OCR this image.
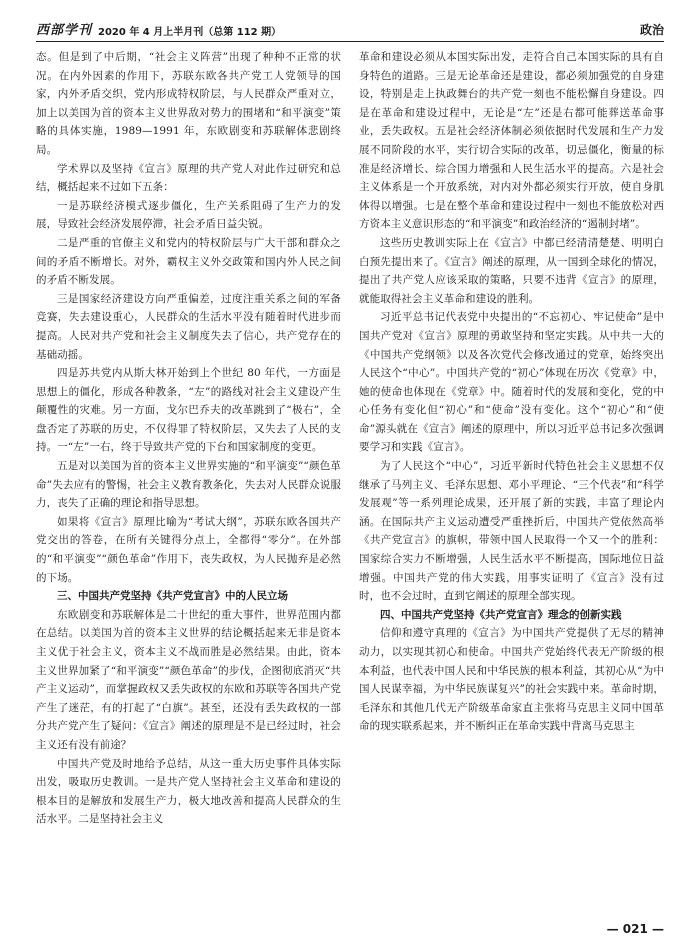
西部学刊 2020 年 4 月上半月刊（总第 112 期）	政治

态。但是到了中后期，“社会主义阵营”出现了种种不正常的状况。在内外因素的作用下，苏联东欧各共产党工人党领导的国家，内外矛盾交织，党内形成特权阶层，与人民群众严重对立，加上以美国为首的资本主义世界敌对势力的围堵和“和平演变”策略的具体实施，1989—1991 年，东欧剧变和苏联解体悲剧终局。

学术界以及坚持《宣言》原理的共产党人对此作过研究和总结，概括起来不过如下五条：

一是苏联经济模式逐步僵化，生产关系阻碍了生产力的发展，导致社会经济发展停滞，社会矛盾日益尖锐。

二是严重的官僚主义和党内的特权阶层与广大干部和群众之间的矛盾不断增长。对外，霸权主义外交政策和国内外人民之间的矛盾不断发展。

三是国家经济建设方向严重偏差，过度注重关系之间的军备竞赛，失去建设重心，人民群众的生活水平没有随着时代进步而提高。人民对共产党和社会主义制度失去了信心，共产党存在的基础动摇。

四是苏共党内从斯大林开始到上个世纪 80 年代，一方面是思想上的僵化，形成各种教条，“左”的路线对社会主义建设产生颠覆性的灾难。另一方面，戈尔巴乔夫的改革跳到了“极右”，全盘否定了苏联的历史，不仅得罪了特权阶层，又失去了人民的支持。一“左”一右，终于导致共产党的下台和国家制度的变更。

五是对以美国为首的资本主义世界实施的“和平演变”“颜色革命”失去应有的警惕，社会主义教育教条化，失去对人民群众说服力，丧失了正确的理论和指导思想。

如果将《宣言》原理比喻为“考试大纲”，苏联东欧各国共产党交出的答卷，在所有关键得分点上，全都得“零分”。在外部的“和平演变”“颜色革命”作用下，丧失政权，为人民抛弃是必然的下场。

三、中国共产党坚持《共产党宣言》中的人民立场

东欧剧变和苏联解体是二十世纪的重大事件，世界范围内都在总结。以美国为首的资本主义世界的结论概括起来无非是资本主义优于社会主义，资本主义不战而胜是必然结果。由此，资本主义世界加紧了“和平演变”“颜色革命”的步伐，企图彻底消灭“共产主义运动”，而掌握政权又丢失政权的东欧和苏联等各国共产党产生了迷茫，有的打起了“白旗”。甚至，还没有丢失政权的一部分共产党产生了疑问：《宣言》阐述的原理是不是已经过时，社会主义还有没有前途？

中国共产党及时地给予总结，从这一重大历史事件具体实际出发，吸取历史教训。一是共产党人坚持社会主义革命和建设的根本目的是解放和发展生产力，极大地改善和提高人民群众的生活水平。二是坚持社会主义

革命和建设必须从本国实际出发，走符合自己本国实际的具有自身特色的道路。三是无论革命还是建设，都必须加强党的自身建设，特别是走上执政舞台的共产党一刻也不能松懈自身建设。四是在革命和建设过程中，无论是“左”还是右都可能葬送革命事业，丢失政权。五是社会经济体制必须依据时代发展和生产力发展不同阶段的水平，实行切合实际的改革，切忌僵化，衡量的标准是经济增长、综合国力增强和人民生活水平的提高。六是社会主义体系是一个开放系统，对内对外都必须实行开放，使自身肌体得以增强。七是在整个革命和建设过程中一刻也不能放松对西方资本主义意识形态的“和平演变”和政治经济的“遏制封堵”。

这些历史教训实际上在《宣言》中都已经清清楚楚、明明白白预先提出来了。《宣言》阐述的原理，从一国到全球化的情况，提出了共产党人应该采取的策略，只要不违背《宣言》的原理，就能取得社会主义革命和建设的胜利。

习近平总书记代表党中央提出的“不忘初心、牢记使命”是中国共产党对《宣言》原理的勇敢坚持和坚定实践。从中共一大的《中国共产党纲领》以及各次党代会修改通过的党章，始终突出人民这个“中心”。中国共产党的“初心”体现在历次《党章》中，她的使命也体现在《党章》中。随着时代的发展和变化，党的中心任务有变化但“初心”和“使命”没有变化。这个“初心”和“使命”源头就在《宣言》阐述的原理中，所以习近平总书记多次强调要学习和实践《宣言》。

为了人民这个“中心”，习近平新时代特色社会主义思想不仅继承了马列主义、毛泽东思想、邓小平理论、“三个代表”和“科学发展观”等一系列理论成果，还开展了新的实践，丰富了理论内涵。在国际共产主义运动遭受严重挫折后，中国共产党依然高举《共产党宣言》的旗帜，带领中国人民取得一个又一个的胜利：国家综合实力不断增强，人民生活水平不断提高，国际地位日益增强。中国共产党的伟大实践，用事实证明了《宣言》没有过时，也不会过时，直到它阐述的原理全部实现。

四、中国共产党坚持《共产党宣言》理念的创新实践

信仰和遵守真理的《宣言》为中国共产党提供了无尽的精神动力，以实现其初心和使命。中国共产党始终代表无产阶级的根本利益，也代表中国人民和中华民族的根本利益，其初心从“为中国人民谋幸福，为中华民族谋复兴”的社会实践中来。革命时期，毛泽东和其他几代无产阶级革命家直主张将马克思主义同中国革命的现实联系起来，并不断纠正在革命实践中背离马克思主

— 021 —
